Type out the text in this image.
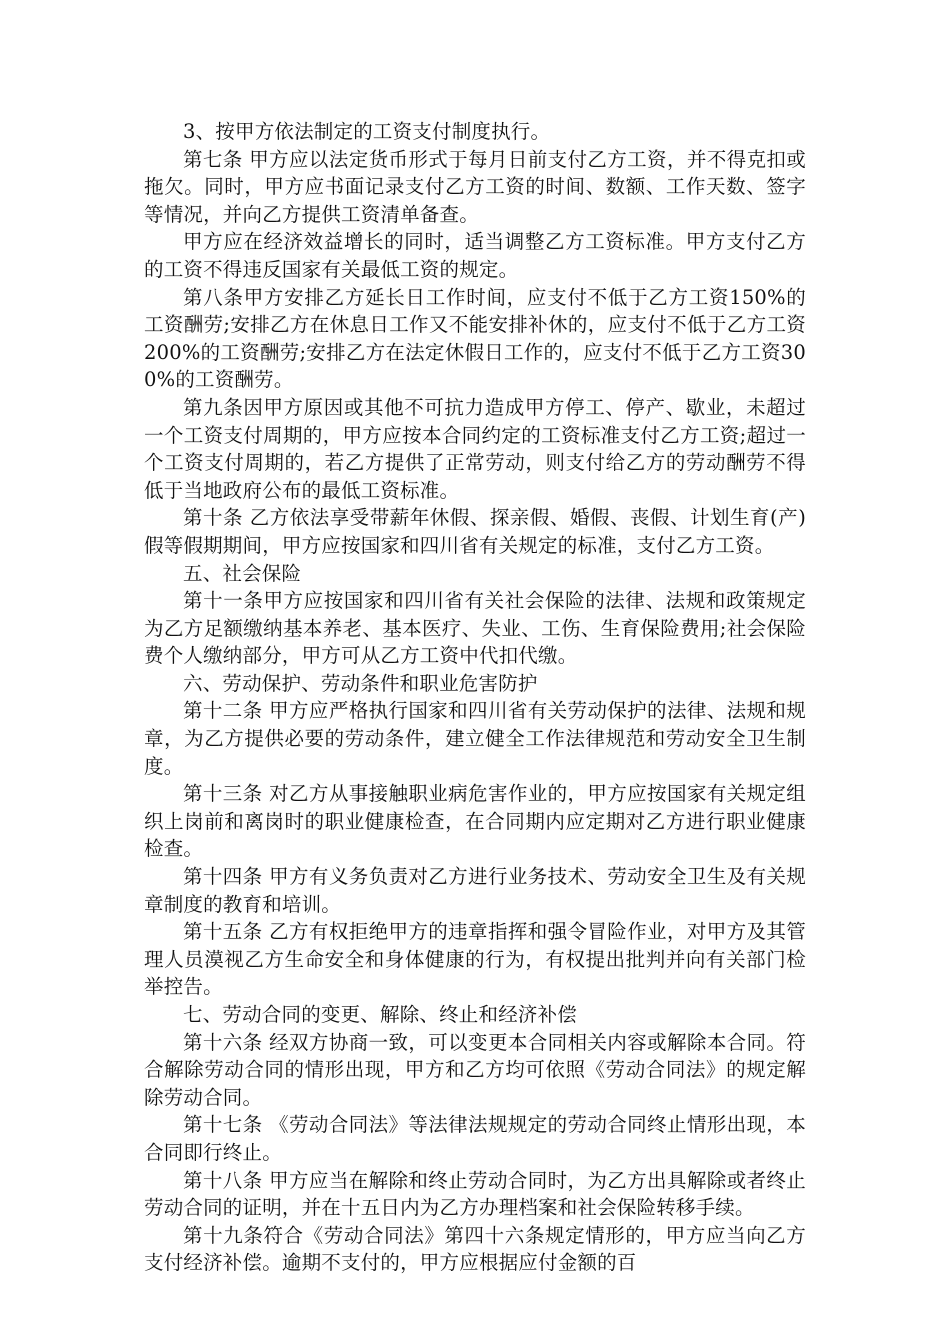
3、按甲方依法制定的工资支付制度执行。

第七条 甲方应以法定货币形式于每月日前支付乙方工资，并不得克扣或拖欠。同时，甲方应书面记录支付乙方工资的时间、数额、工作天数、签字等情况，并向乙方提供工资清单备查。

甲方应在经济效益增长的同时，适当调整乙方工资标准。甲方支付乙方的工资不得违反国家有关最低工资的规定。

第八条甲方安排乙方延长日工作时间，应支付不低于乙方工资150%的工资酬劳;安排乙方在休息日工作又不能安排补休的，应支付不低于乙方工资200%的工资酬劳;安排乙方在法定休假日工作的，应支付不低于乙方工资300%的工资酬劳。

第九条因甲方原因或其他不可抗力造成甲方停工、停产、歇业，未超过一个工资支付周期的，甲方应按本合同约定的工资标准支付乙方工资;超过一个工资支付周期的，若乙方提供了正常劳动，则支付给乙方的劳动酬劳不得低于当地政府公布的最低工资标准。

第十条 乙方依法享受带薪年休假、探亲假、婚假、丧假、计划生育(产)假等假期期间，甲方应按国家和四川省有关规定的标准，支付乙方工资。

五、社会保险

第十一条甲方应按国家和四川省有关社会保险的法律、法规和政策规定为乙方足额缴纳基本养老、基本医疗、失业、工伤、生育保险费用;社会保险费个人缴纳部分，甲方可从乙方工资中代扣代缴。

六、劳动保护、劳动条件和职业危害防护

第十二条 甲方应严格执行国家和四川省有关劳动保护的法律、法规和规章，为乙方提供必要的劳动条件，建立健全工作法律规范和劳动安全卫生制度。

第十三条 对乙方从事接触职业病危害作业的，甲方应按国家有关规定组织上岗前和离岗时的职业健康检查，在合同期内应定期对乙方进行职业健康检查。

第十四条 甲方有义务负责对乙方进行业务技术、劳动安全卫生及有关规章制度的教育和培训。

第十五条 乙方有权拒绝甲方的违章指挥和强令冒险作业，对甲方及其管理人员漠视乙方生命安全和身体健康的行为，有权提出批判并向有关部门检举控告。

七、劳动合同的变更、解除、终止和经济补偿

第十六条 经双方协商一致，可以变更本合同相关内容或解除本合同。符合解除劳动合同的情形出现，甲方和乙方均可依照《劳动合同法》的规定解除劳动合同。

第十七条 《劳动合同法》等法律法规规定的劳动合同终止情形出现，本合同即行终止。

第十八条 甲方应当在解除和终止劳动合同时，为乙方出具解除或者终止劳动合同的证明，并在十五日内为乙方办理档案和社会保险转移手续。

第十九条符合《劳动合同法》第四十六条规定情形的，甲方应当向乙方支付经济补偿。逾期不支付的，甲方应根据应付金额的百
